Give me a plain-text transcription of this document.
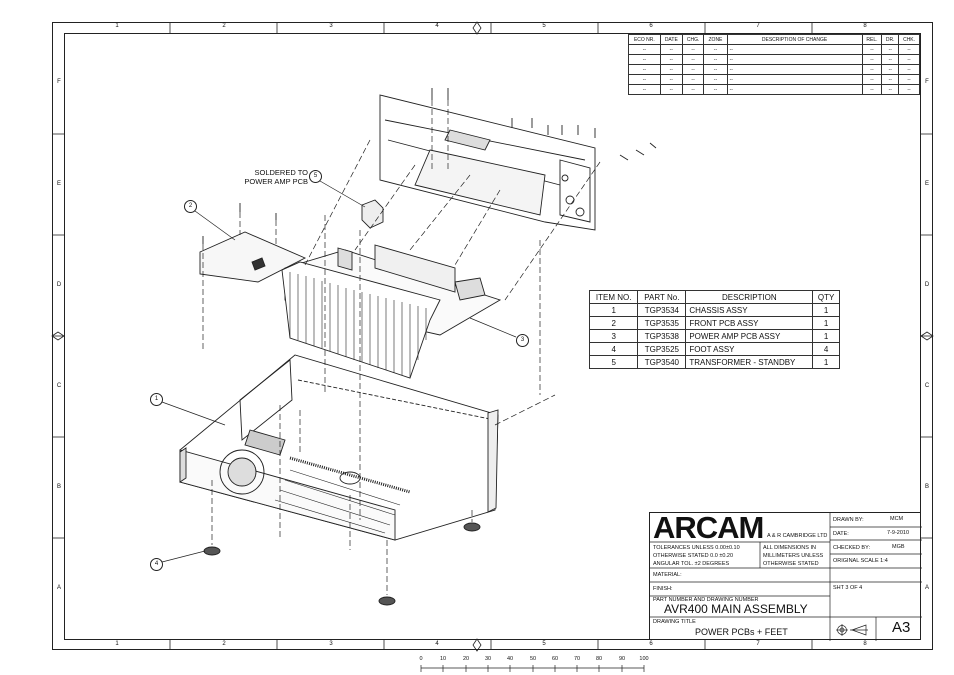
1	2	3	4	5	6	7	8
1	2	3	4	5	6	7	8
F
E
D
C
B
A
F
E
D
C
B
A
ECO NR.	DATE	CHG.	ZONE	DESCRIPTION OF CHANGE	REL.	DR.	CHK.
--	--	--	--	--	--	--	--
--	--	--	--	--	--	--	--
--	--	--	--	--	--	--	--
--	--	--	--	--	--	--	--
--	--	--	--	--	--	--	--
1
2
3
4
5
SOLDERED TO
POWER AMP PCB
ITEM NO.	PART No.	DESCRIPTION	QTY
1	TGP3534	CHASSIS ASSY	1
2	TGP3535	FRONT PCB ASSY	1
3	TGP3538	POWER AMP PCB ASSY	1
4	TGP3525	FOOT ASSY	4
5	TGP3540	TRANSFORMER - STANDBY	1
ARCAM A & R CAMBRIDGE LTD
DRAWN BY:	MCM
DATE:	7-9-2010
CHECKED BY:	MGB
ORIGINAL SCALE 1:4
TOLERANCES UNLESS 0.00±0.10
OTHERWISE STATED 0.0 ±0.20
ANGULAR TOL. ±2 DEGREES
ALL DIMENSIONS IN
MILLIMETERS UNLESS
OTHERWISE STATED
MATERIAL:
FINISH:	SHT 3 OF 4
PART NUMBER AND DRAWING NUMBER
AVR400 MAIN ASSEMBLY
DRAWING TITLE
POWER PCBs + FEET	A3
0	10	20	30	40	50	60	70	80	90	100
